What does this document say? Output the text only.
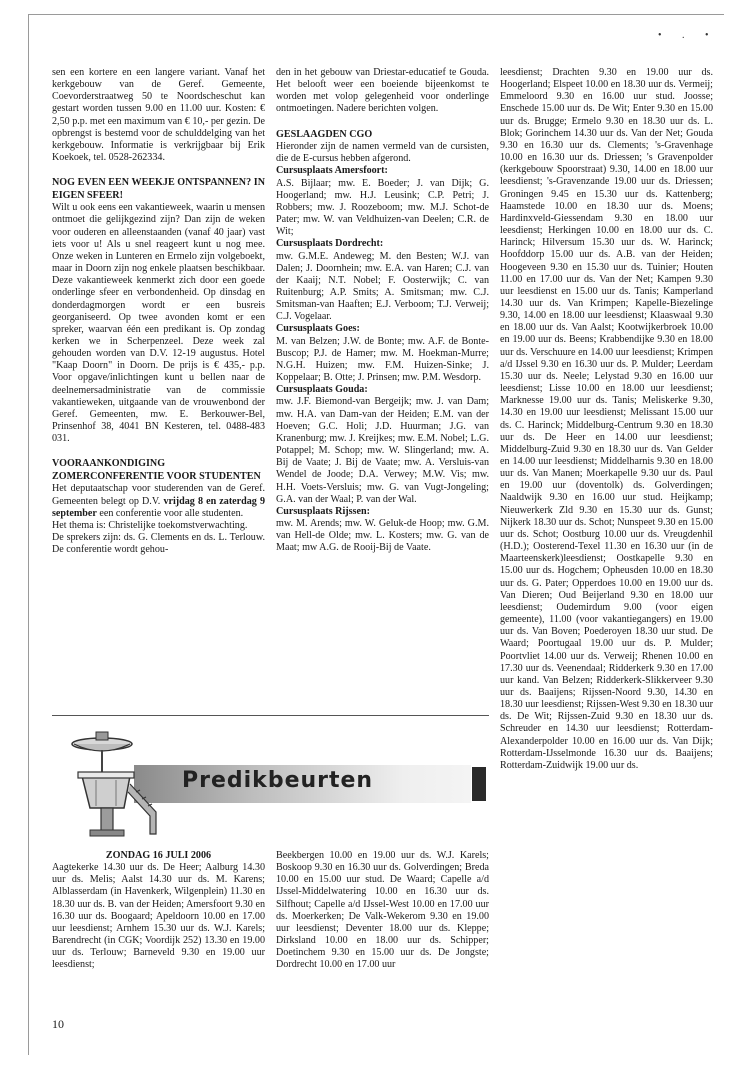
• . •

sen een kortere en een langere variant. Vanaf het kerkgebouw van de Geref. Gemeente, Coevorderstraatweg 50 te Noordscheschut kan gestart worden tussen 9.00 en 11.00 uur. Kosten: € 2,50 p.p. met een maximum van € 10,- per gezin. De opbrengst is bestemd voor de schulddelging van het kerkgebouw. Informatie is verkrijgbaar bij Erik Koekoek, tel. 0528-262334.

NOG EVEN EEN WEEKJE ONTSPANNEN? IN EIGEN SFEER!

Wilt u ook eens een vakantieweek, waarin u mensen ontmoet die gelijkgezind zijn? Dan zijn de weken voor ouderen en alleenstaanden (vanaf 40 jaar) vast iets voor u! Als u snel reageert kunt u nog mee. Onze weken in Lunteren en Ermelo zijn volgeboekt, maar in Doorn zijn nog enkele plaatsen beschikbaar. Deze vakantieweek kenmerkt zich door een goede onderlinge sfeer en verbondenheid. Op dinsdag en donderdagmorgen wordt er een busreis georganiseerd. Op twee avonden komt er een spreker, waarvan één een predikant is. Op zondag kerken we in Scherpenzeel. Deze week zal gehouden worden van D.V. 12-19 augustus. Hotel "Kaap Doorn" in Doorn. De prijs is € 435,- p.p. Voor opgave/inlichtingen kunt u bellen naar de deelnemersadministratie van de commissie vakantieweken, uitgaande van de vrouwenbond der Geref. Gemeenten, mw. E. Berkouwer-Bel, Prinsenhof 38, 4041 BN Kesteren, tel. 0488-483 031.

VOORAANKONDIGING ZOMERCONFERENTIE VOOR STUDENTEN

Het deputaatschap voor studerenden van de Geref. Gemeenten belegt op D.V. vrijdag 8 en zaterdag 9 september een conferentie voor alle studenten.

Het thema is: Christelijke toekomstverwachting.

De sprekers zijn: ds. G. Clements en ds. L. Terlouw. De conferentie wordt gehou-

den in het gebouw van Driestar-educatief te Gouda. Het belooft weer een boeiende bijeenkomst te worden met volop gelegenheid voor onderlinge ontmoetingen. Nadere berichten volgen.

GESLAAGDEN CGO

Hieronder zijn de namen vermeld van de cursisten, die de E-cursus hebben afgerond.

Cursusplaats Amersfoort:

A.S. Bijlaar; mw. E. Boeder; J. van Dijk; G. Hoogerland; mw. H.J. Leusink; C.P. Petri; J. Robbers; mw. J. Roozeboom; mw. M.J. Schot-de Pater; mw. W. van Veldhuizen-van Deelen; C.R. de Wit;

Cursusplaats Dordrecht:

mw. G.M.E. Andeweg; M. den Besten; W.J. van Dalen; J. Doornhein; mw. E.A. van Haren; C.J. van der Kaaij; N.T. Nobel; F. Oosterwijk; C. van Ruitenburg; A.P. Smits; A. Smitsman; mw. C.J. Smitsman-van Haaften; E.J. Verboom; T.J. Verweij; C.J. Vogelaar.

Cursusplaats Goes:

M. van Belzen; J.W. de Bonte; mw. A.F. de Bonte-Buscop; P.J. de Hamer; mw. M. Hoekman-Murre; N.G.H. Huizen; mw. F.M. Huizen-Sinke; J. Koppelaar; B. Otte; J. Prinsen; mw. P.M. Wesdorp.

Cursusplaats Gouda:

mw. J.F. Biemond-van Bergeijk; mw. J. van Dam; mw. H.A. van Dam-van der Heiden; E.M. van der Hoeven; G.C. Holi; J.D. Huurman; J.G. van Kranenburg; mw. J. Kreijkes; mw. E.M. Nobel; L.G. Potappel; M. Schop; mw. W. Slingerland; mw. A. Bij de Vaate; J. Bij de Vaate; mw. A. Versluis-van Wendel de Joode; D.A. Verwey; M.W. Vis; mw. H.H. Voets-Versluis; mw. G. van Vugt-Jongeling; G.A. van der Waal; P. van der Wal.

Cursusplaats Rijssen:

mw. M. Arends; mw. W. Geluk-de Hoop; mw. G.M. van Hell-de Olde; mw. L. Kosters; mw. G. van de Maat; mw A.G. de Rooij-Bij de Vaate.

leesdienst; Drachten 9.30 en 19.00 uur ds. Hoogerland; Elspeet 10.00 en 18.30 uur ds. Vermeij; Emmeloord 9.30 en 16.00 uur stud. Joosse; Enschede 15.00 uur ds. De Wit; Enter 9.30 en 15.00 uur ds. Brugge; Ermelo 9.30 en 18.30 uur ds. L. Blok; Gorinchem 14.30 uur ds. Van der Net; Gouda 9.30 en 16.30 uur ds. Clements; 's-Gravenhage 10.00 en 16.30 uur ds. Driessen; 's Gravenpolder (kerkgebouw Spoorstraat) 9.30, 14.00 en 18.00 uur leesdienst; 's-Gravenzande 19.00 uur ds. Driessen; Groningen 9.45 en 15.30 uur ds. Kattenberg; Haamstede 10.00 en 18.30 uur ds. Moens; Hardinxveld-Giessendam 9.30 en 18.00 uur leesdienst; Herkingen 10.00 en 18.00 uur ds. C. Harinck; Hilversum 15.30 uur ds. W. Harinck; Hoofddorp 15.00 uur ds. A.B. van der Heiden; Hoogeveen 9.30 en 15.30 uur ds. Tuinier; Houten 11.00 en 17.00 uur ds. Van der Net; Kampen 9.30 uur leesdienst en 15.00 uur ds. Tanis; Kamperland 14.30 uur ds. Van Krimpen; Kapelle-Biezelinge 9.30, 14.00 en 18.00 uur leesdienst; Klaaswaal 9.30 en 18.00 uur ds. Van Aalst; Kootwijkerbroek 10.00 en 19.00 uur ds. Beens; Krabbendijke 9.30 en 18.00 uur ds. Verschuure en 14.00 uur leesdienst; Krimpen a/d IJssel 9.30 en 16.30 uur ds. P. Mulder; Leerdam 15.30 uur ds. Neele; Lelystad 9.30 en 16.00 uur leesdienst; Lisse 10.00 en 18.00 uur leesdienst; Marknesse 19.00 uur ds. Tanis; Meliskerke 9.30, 14.30 en 19.00 uur leesdienst; Melissant 15.00 uur ds. C. Harinck; Middelburg-Centrum 9.30 en 18.30 uur ds. De Heer en 14.00 uur leesdienst; Middelburg-Zuid 9.30 en 18.30 uur ds. Van Gelder en 14.00 uur leesdienst; Middelharnis 9.30 en 18.00 uur ds. Van Manen; Moerkapelle 9.30 uur ds. Paul en 19.00 uur (doventolk) ds. Golverdingen; Naaldwijk 9.30 en 16.00 uur stud. Heijkamp; Nieuwerkerk Zld 9.30 en 15.30 uur ds. Gunst; Nijkerk 18.30 uur ds. Schot; Nunspeet 9.30 en 15.00 uur ds. Schot; Oostburg 10.00 uur ds. Vreugdenhil (H.D.); Oosterend-Texel 11.30 en 16.30 uur (in de Maarteenskerk)leesdienst; Oostkapelle 9.30 en 15.00 uur ds. Hogchem; Opheusden 10.00 en 18.30 uur ds. G. Pater; Opperdoes 10.00 en 19.00 uur ds. Van Dieren; Oud Beijerland 9.30 en 18.00 uur leesdienst; Oudemirdum 9.00 (voor eigen gemeente), 11.00 (voor vakantiegangers) en 19.00 uur ds. Van Boven; Poederoyen 18.30 uur stud. De Waard; Poortugaal 19.00 uur ds. P. Mulder; Poortvliet 14.00 uur ds. Verweij; Rhenen 10.00 en 17.30 uur ds. Veenendaal; Ridderkerk 9.30 en 17.00 uur kand. Van Belzen; Ridderkerk-Slikkerveer 9.30 uur ds. Baaijens; Rijssen-Noord 9.30, 14.30 en 18.30 uur leesdienst; Rijssen-West 9.30 en 18.30 uur ds. De Wit; Rijssen-Zuid 9.30 en 18.30 uur ds. Schreuder en 14.30 uur leesdienst; Rotterdam-Alexanderpolder 10.00 en 16.00 uur ds. Van Dijk; Rotterdam-IJsselmonde 16.30 uur ds. Baaijens; Rotterdam-Zuidwijk 19.00 uur ds.

Predikbeurten
ZONDAG 16 JULI 2006

Aagtekerke 14.30 uur ds. De Heer; Aalburg 14.30 uur ds. Melis; Aalst 14.30 uur ds. M. Karens; Alblasserdam (in Havenkerk, Wilgenplein) 11.30 en 18.30 uur ds. B. van der Heiden; Amersfoort 9.30 en 16.30 uur ds. Boogaard; Apeldoorn 10.00 en 17.00 uur leesdienst; Arnhem 15.30 uur ds. W.J. Karels; Barendrecht (in CGK; Voordijk 252) 13.30 en 19.00 uur ds. Terlouw; Barneveld 9.30 en 19.00 uur leesdienst;

Beekbergen 10.00 en 19.00 uur ds. W.J. Karels; Boskoop 9.30 en 16.30 uur ds. Golverdingen; Breda 10.00 en 15.00 uur stud. De Waard; Capelle a/d IJssel-Middelwatering 10.00 en 16.30 uur ds. Silfhout; Capelle a/d IJssel-West 10.00 en 17.00 uur ds. Moerkerken; De Valk-Wekerom 9.30 en 19.00 uur leesdienst; Deventer 18.00 uur ds. Kleppe; Dirksland 10.00 en 18.00 uur ds. Schipper; Doetinchem 9.30 en 15.00 uur ds. De Jongste; Dordrecht 10.00 en 17.00 uur

10
